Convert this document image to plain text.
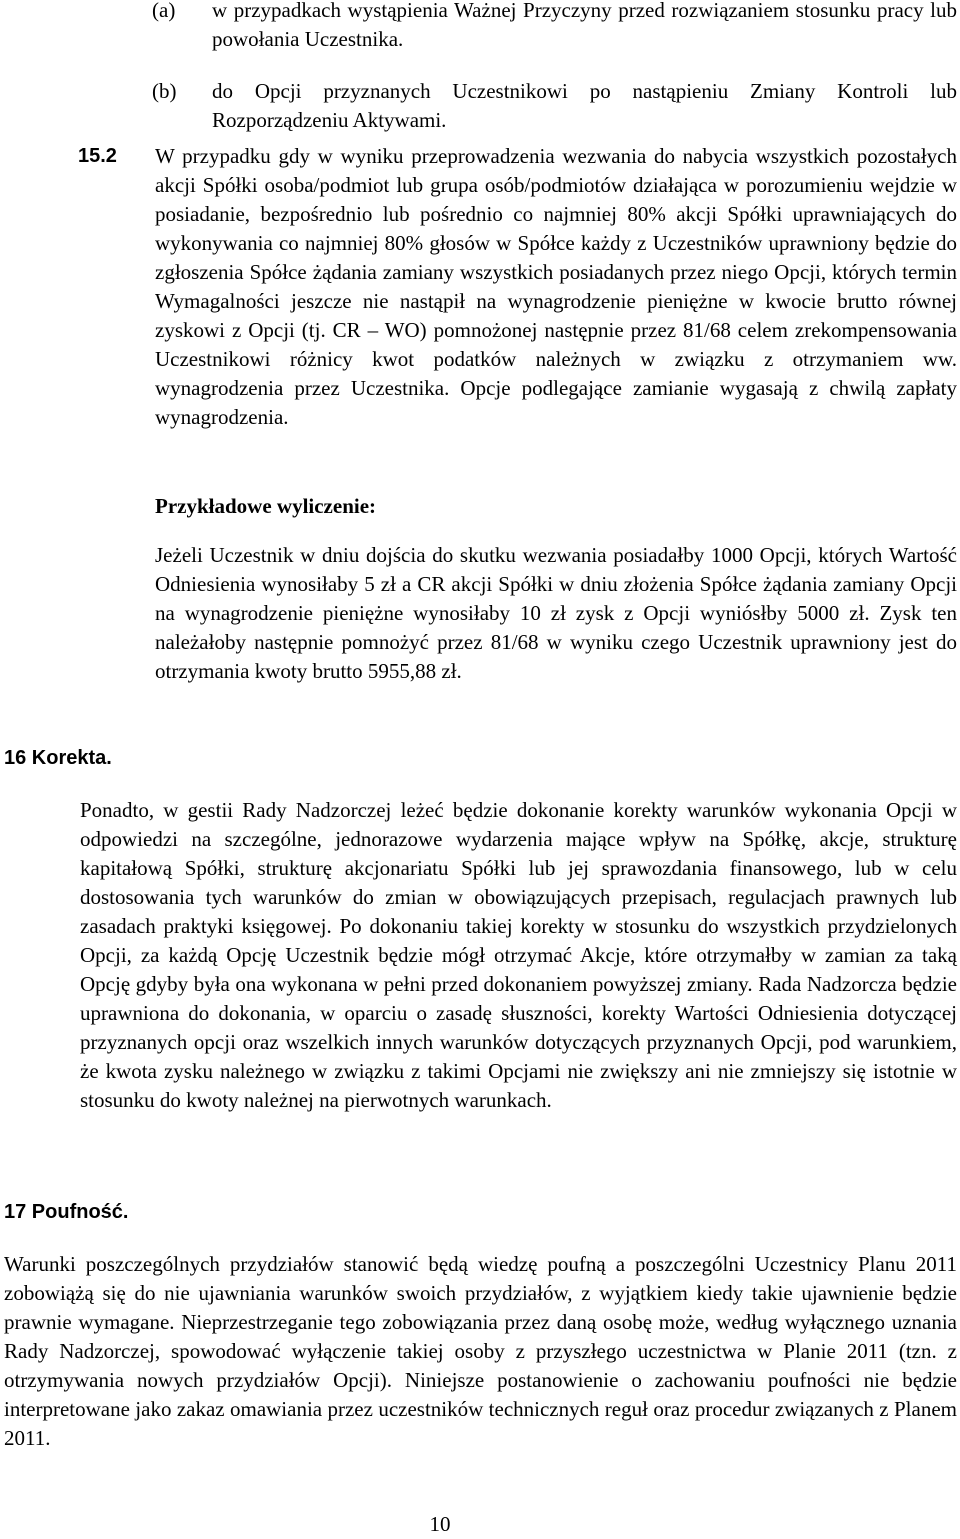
(a) w przypadkach wystąpienia Ważnej Przyczyny przed rozwiązaniem stosunku pracy lub powołania Uczestnika.

(b) do Opcji przyznanych Uczestnikowi po nastąpieniu Zmiany Kontroli lub Rozporządzeniu Aktywami.

15.2 W przypadku gdy w wyniku przeprowadzenia wezwania do nabycia wszystkich pozostałych akcji Spółki osoba/podmiot lub grupa osób/podmiotów działająca w porozumieniu wejdzie w posiadanie, bezpośrednio lub pośrednio co najmniej 80% akcji Spółki uprawniających do wykonywania co najmniej 80% głosów w Spółce każdy z Uczestników uprawniony będzie do zgłoszenia Spółce żądania zamiany wszystkich posiadanych przez niego Opcji, których termin Wymagalności jeszcze nie nastąpił na wynagrodzenie pieniężne w kwocie brutto równej zyskowi z Opcji (tj. CR – WO) pomnożonej następnie przez 81/68 celem zrekompensowania Uczestnikowi różnicy kwot podatków należnych w związku z otrzymaniem ww. wynagrodzenia przez Uczestnika. Opcje podlegające zamianie wygasają z chwilą zapłaty wynagrodzenia.

Przykładowe wyliczenie:

Jeżeli Uczestnik w dniu dojścia do skutku wezwania posiadałby 1000 Opcji, których Wartość Odniesienia wynosiłaby 5 zł a CR akcji Spółki w dniu złożenia Spółce żądania zamiany Opcji na wynagrodzenie pieniężne wynosiłaby 10 zł zysk z Opcji wyniósłby 5000 zł. Zysk ten należałoby następnie pomnożyć przez 81/68 w wyniku czego Uczestnik uprawniony jest do otrzymania kwoty brutto 5955,88 zł.

16 Korekta.

Ponadto, w gestii Rady Nadzorczej leżeć będzie dokonanie korekty warunków wykonania Opcji w odpowiedzi na szczególne, jednorazowe wydarzenia mające wpływ na Spółkę, akcje, strukturę kapitałową Spółki, strukturę akcjonariatu Spółki lub jej sprawozdania finansowego, lub w celu dostosowania tych warunków do zmian w obowiązujących przepisach, regulacjach prawnych lub zasadach praktyki księgowej. Po dokonaniu takiej korekty w stosunku do wszystkich przydzielonych Opcji, za każdą Opcję Uczestnik będzie mógł otrzymać Akcje, które otrzymałby w zamian za taką Opcję gdyby była ona wykonana w pełni przed dokonaniem powyższej zmiany. Rada Nadzorcza będzie uprawniona do dokonania, w oparciu o zasadę słuszności, korekty Wartości Odniesienia dotyczącej przyznanych opcji oraz wszelkich innych warunków dotyczących przyznanych Opcji, pod warunkiem, że kwota zysku należnego w związku z takimi Opcjami nie zwiększy ani nie zmniejszy się istotnie w stosunku do kwoty należnej na pierwotnych warunkach.

17 Poufność.

Warunki poszczególnych przydziałów stanowić będą wiedzę poufną a poszczególni Uczestnicy Planu 2011 zobowiążą się do nie ujawniania warunków swoich przydziałów, z wyjątkiem kiedy takie ujawnienie będzie prawnie wymagane. Nieprzestrzeganie tego zobowiązania przez daną osobę może, według wyłącznego uznania Rady Nadzorczej, spowodować wyłączenie takiej osoby z przyszłego uczestnictwa w Planie 2011 (tzn. z otrzymywania nowych przydziałów Opcji). Niniejsze postanowienie o zachowaniu poufności nie będzie interpretowane jako zakaz omawiania przez uczestników technicznych reguł oraz procedur związanych z Planem 2011.

10
